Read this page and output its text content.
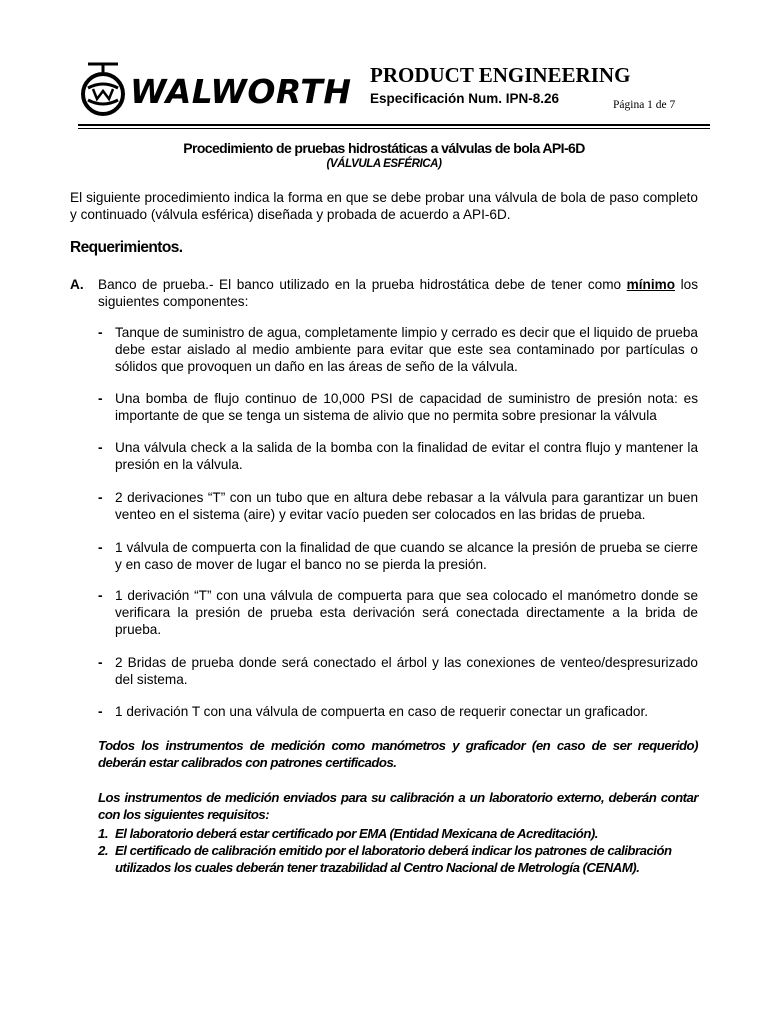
WALWORTH PRODUCT ENGINEERING
Especificación Num. IPN-8.26	Página 1 de 7
Procedimiento de pruebas hidrostáticas a válvulas de bola API-6D
(VÁLVULA ESFÉRICA)
El siguiente procedimiento indica la forma en que se debe probar una válvula de bola de paso completo y continuado (válvula esférica) diseñada y probada de acuerdo a API-6D.
Requerimientos.
A. Banco de prueba.- El banco utilizado en la prueba hidrostática debe de tener como mínimo los siguientes componentes:
- Tanque de suministro de agua, completamente limpio y cerrado es decir que el liquido de prueba debe estar aislado al medio ambiente para evitar que este sea contaminado por partículas o sólidos que provoquen un daño en las áreas de seño de la válvula.
- Una bomba de flujo continuo de 10,000 PSI de capacidad de suministro de presión nota: es importante de que se tenga un sistema de alivio que no permita sobre presionar la válvula
- Una válvula check a la salida de la bomba con la finalidad de evitar el contra flujo y mantener la presión en la válvula.
- 2 derivaciones “T” con un tubo que en altura debe rebasar a la válvula para garantizar un buen venteo en el sistema (aire) y evitar vacío pueden ser colocados en las bridas de prueba.
- 1 válvula de compuerta con la finalidad de que cuando se alcance la presión de prueba se cierre y en caso de mover de lugar el banco no se pierda la presión.
- 1 derivación “T” con una válvula de compuerta para que sea colocado el manómetro donde se verificara la presión de prueba esta derivación será conectada directamente a la brida de prueba.
- 2 Bridas de prueba donde será conectado el árbol y las conexiones de venteo/despresurizado del sistema.
- 1 derivación T con una válvula de compuerta en caso de requerir conectar un graficador.
Todos los instrumentos de medición como manómetros y graficador (en caso de ser requerido) deberán estar calibrados con patrones certificados.
Los instrumentos de medición enviados para su calibración a un laboratorio externo, deberán contar con los siguientes requisitos:
1. El laboratorio deberá estar certificado por EMA (Entidad Mexicana de Acreditación).
2. El certificado de calibración emitido por el laboratorio deberá indicar los patrones de calibración utilizados los cuales deberán tener trazabilidad al Centro Nacional de Metrología (CENAM).
